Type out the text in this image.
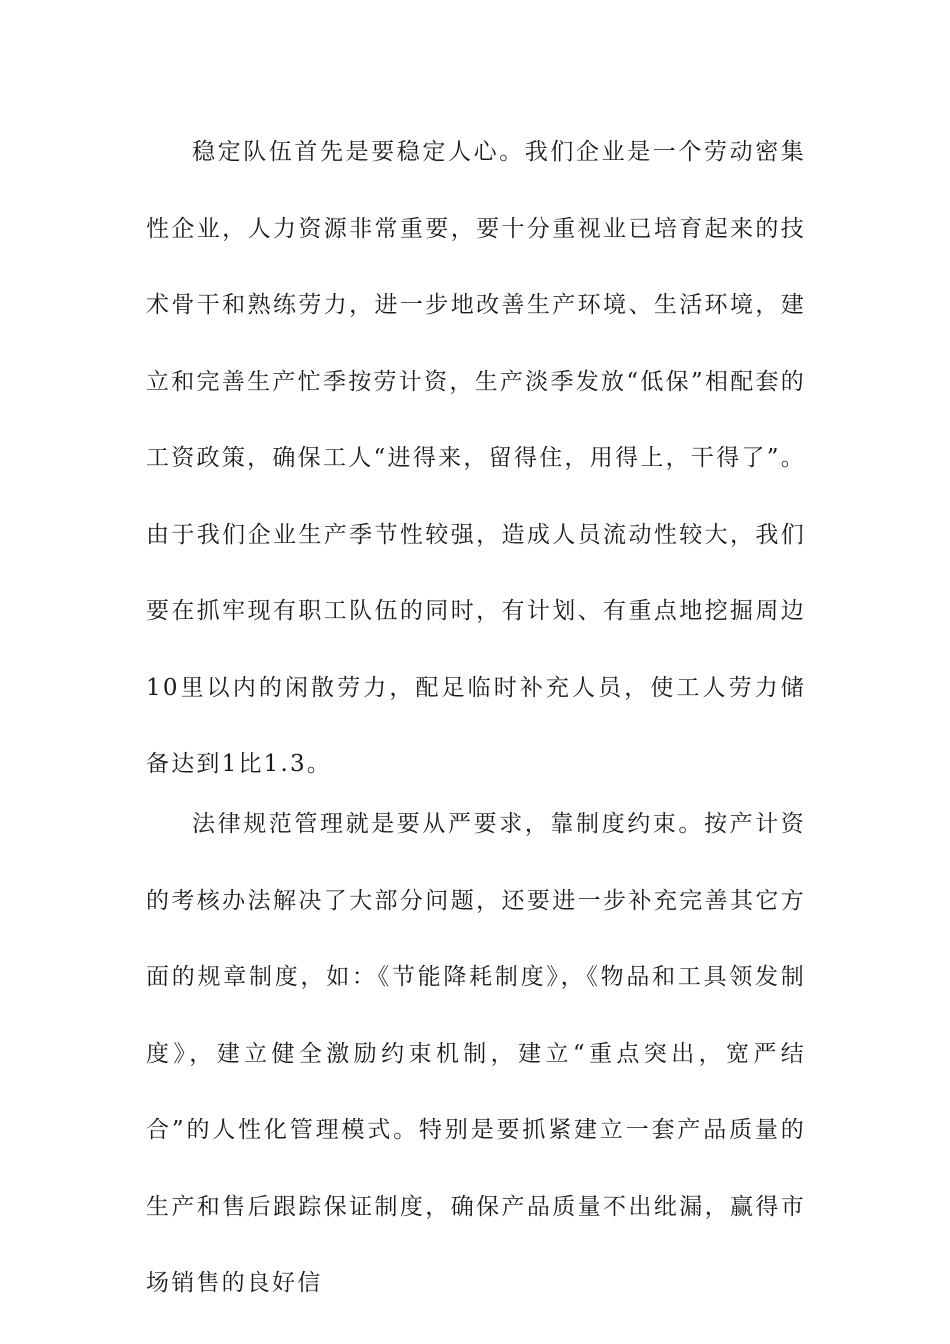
稳定队伍首先是要稳定人心。我们企业是一个劳动密集性企业，人力资源非常重要，要十分重视业已培育起来的技术骨干和熟练劳力，进一步地改善生产环境、生活环境，建立和完善生产忙季按劳计资，生产淡季发放“低保”相配套的工资政策，确保工人“进得来，留得住，用得上，干得了”。由于我们企业生产季节性较强，造成人员流动性较大，我们要在抓牢现有职工队伍的同时，有计划、有重点地挖掘周边10里以内的闲散劳力，配足临时补充人员，使工人劳力储备达到1比1.3。

法律规范管理就是要从严要求，靠制度约束。按产计资的考核办法解决了大部分问题，还要进一步补充完善其它方面的规章制度，如：《节能降耗制度》，《物品和工具领发制度》，建立健全激励约束机制，建立“重点突出，宽严结合”的人性化管理模式。特别是要抓紧建立一套产品质量的生产和售后跟踪保证制度，确保产品质量不出纰漏，赢得市场销售的良好信
